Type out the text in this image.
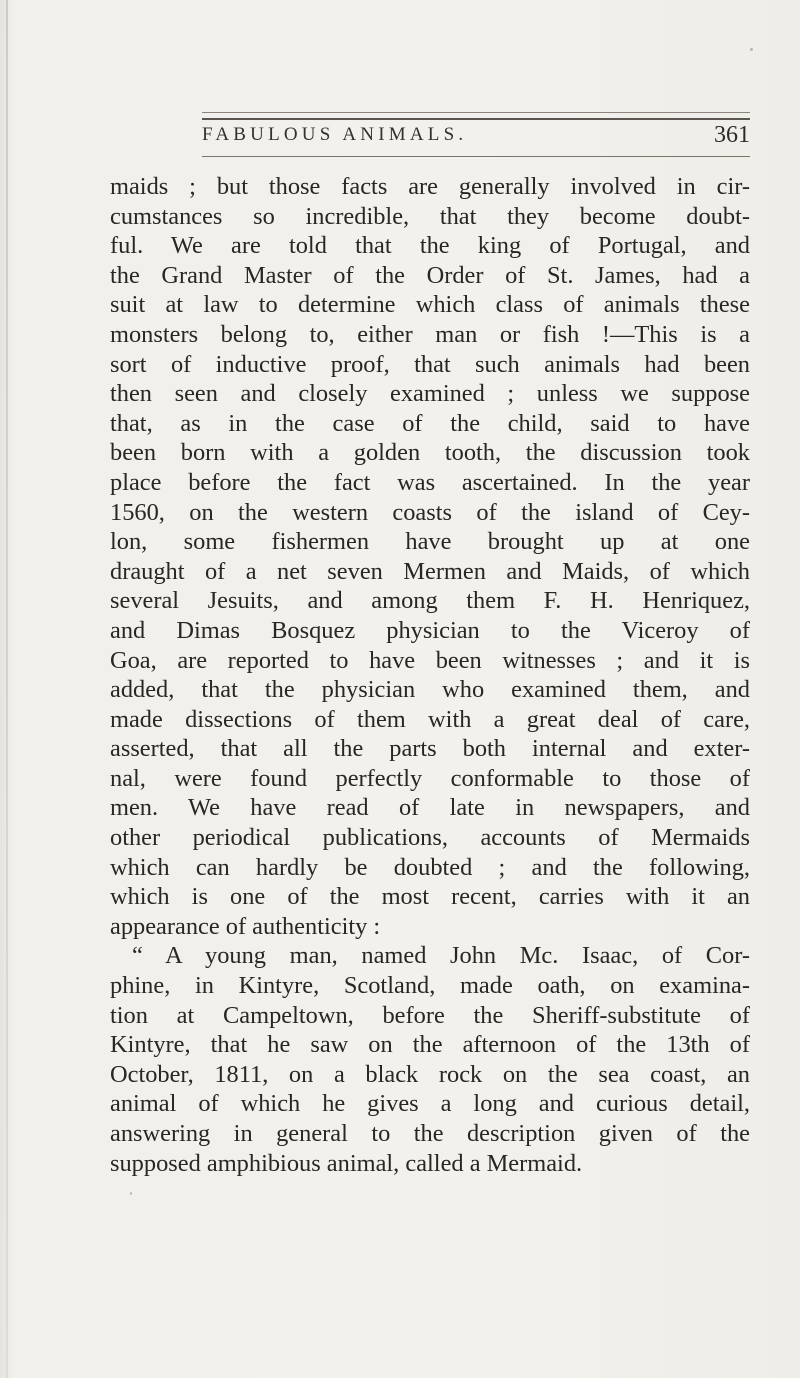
FABULOUS ANIMALS.	361
maids ; but those facts are generally involved in cir-
cumstances so incredible, that they become doubt-
ful. We are told that the king of Portugal, and
the Grand Master of the Order of St. James, had a
suit at law to determine which class of animals these
monsters belong to, either man or fish !—This is a
sort of inductive proof, that such animals had been
then seen and closely examined ; unless we suppose
that, as in the case of the child, said to have
been born with a golden tooth, the discussion took
place before the fact was ascertained. In the year
1560, on the western coasts of the island of Cey-
lon, some fishermen have brought up at one
draught of a net seven Mermen and Maids, of which
several Jesuits, and among them F. H. Henriquez,
and Dimas Bosquez physician to the Viceroy of
Goa, are reported to have been witnesses ; and it is
added, that the physician who examined them, and
made dissections of them with a great deal of care,
asserted, that all the parts both internal and exter-
nal, were found perfectly conformable to those of
men. We have read of late in newspapers, and
other periodical publications, accounts of Mermaids
which can hardly be doubted ; and the following,
which is one of the most recent, carries with it an
appearance of authenticity :
“ A young man, named John Mc. Isaac, of Cor-
phine, in Kintyre, Scotland, made oath, on examina-
tion at Campeltown, before the Sheriff-substitute of
Kintyre, that he saw on the afternoon of the 13th of
October, 1811, on a black rock on the sea coast, an
animal of which he gives a long and curious detail,
answering in general to the description given of the
supposed amphibious animal, called a Mermaid.
